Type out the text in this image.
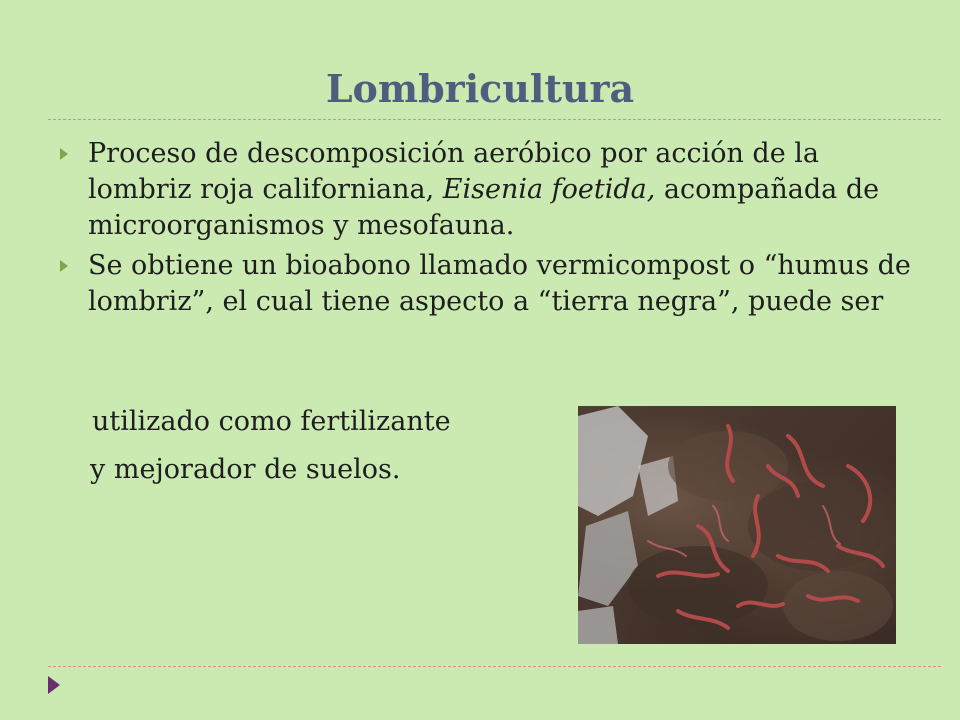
Lombricultura
Proceso de descomposición aeróbico por acción de la lombriz roja californiana, Eisenia foetida, acompañada de microorganismos y mesofauna.
Se obtiene un bioabono llamado vermicompost o “humus de lombriz”, el cual tiene aspecto a “tierra negra”, puede ser

utilizado como fertilizante

y mejorador de suelos.
